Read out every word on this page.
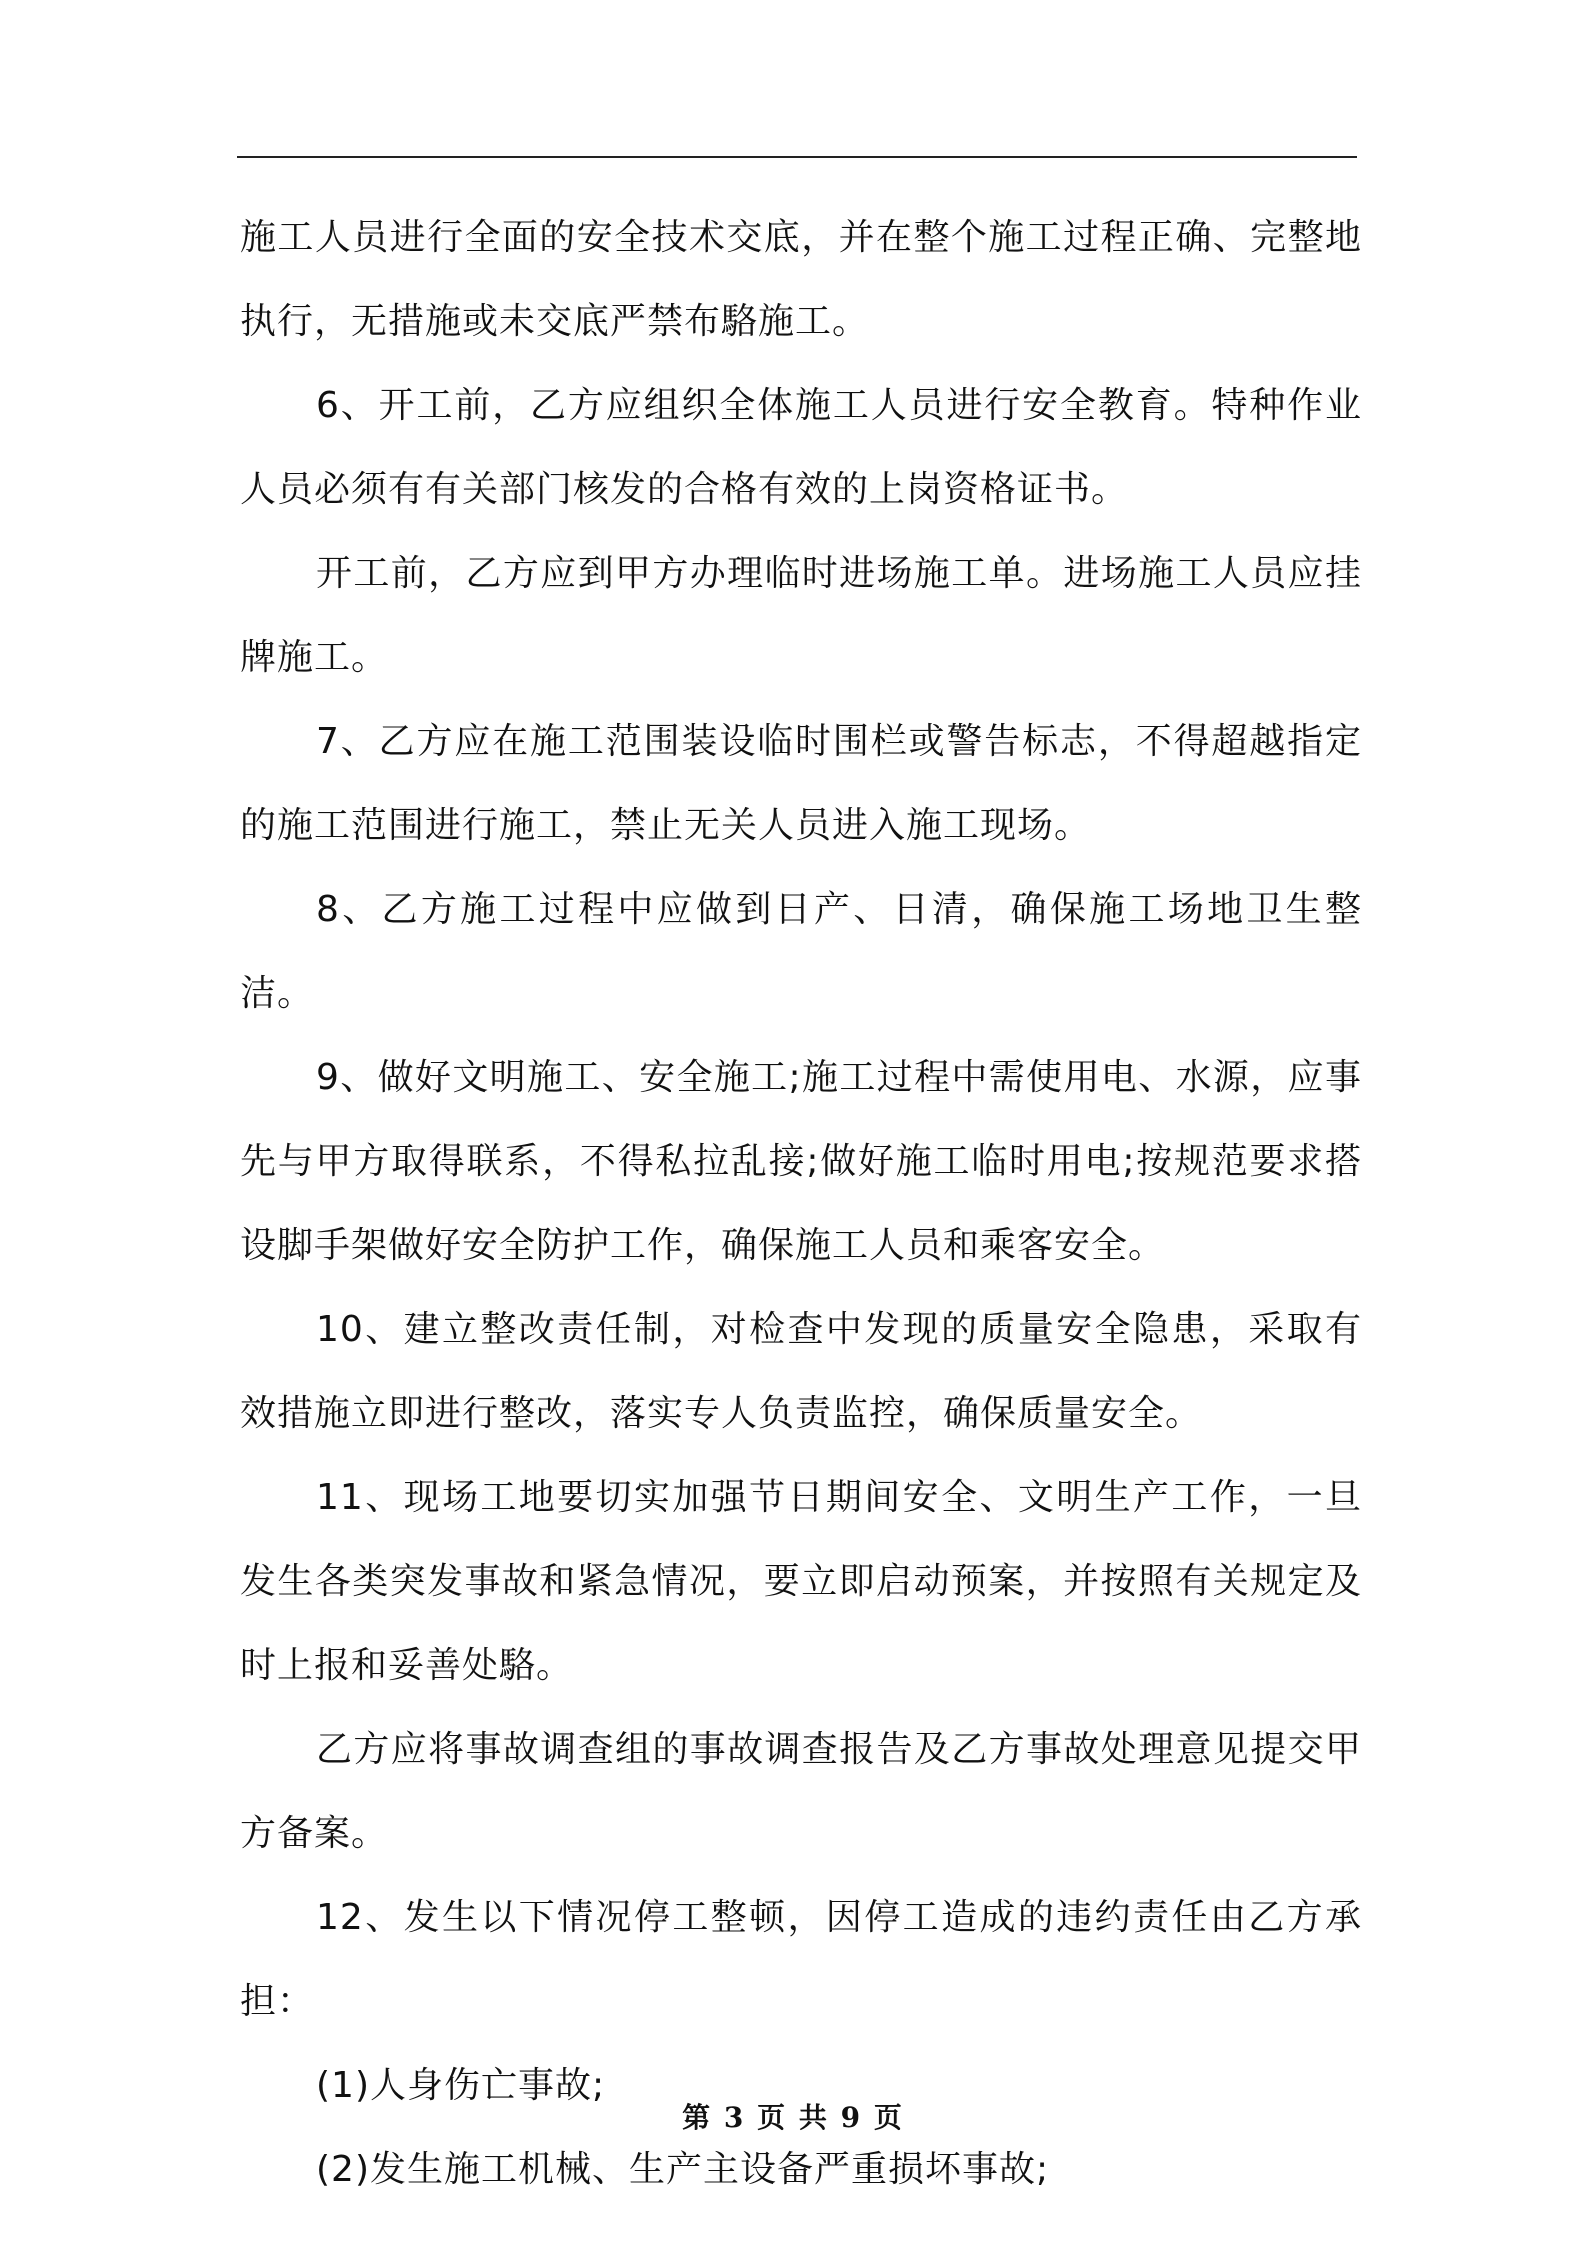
施工人员进行全面的安全技术交底，并在整个施工过程正确、完整地执行，无措施或未交底严禁布駱施工。

6、开工前，乙方应组织全体施工人员进行安全教育。特种作业人员必须有有关部门核发的合格有效的上岗资格证书。

开工前，乙方应到甲方办理临时进场施工单。进场施工人员应挂牌施工。

7、乙方应在施工范围装设临时围栏或警告标志，不得超越指定的施工范围进行施工，禁止无关人员进入施工现场。

8、乙方施工过程中应做到日产、日清，确保施工场地卫生整洁。

9、做好文明施工、安全施工;施工过程中需使用电、水源，应事先与甲方取得联系，不得私拉乱接;做好施工临时用电;按规范要求搭设脚手架做好安全防护工作，确保施工人员和乘客安全。

10、建立整改责任制，对检查中发现的质量安全隐患，采取有效措施立即进行整改，落实专人负责监控，确保质量安全。

11、现场工地要切实加强节日期间安全、文明生产工作，一旦发生各类突发事故和紧急情况，要立即启动预案，并按照有关规定及时上报和妥善处駱。

乙方应将事故调查组的事故调查报告及乙方事故处理意见提交甲方备案。

12、发生以下情况停工整顿，因停工造成的违约责任由乙方承担：

(1)人身伤亡事故;

(2)发生施工机械、生产主设备严重损坏事故;

第 3 页 共 9 页
